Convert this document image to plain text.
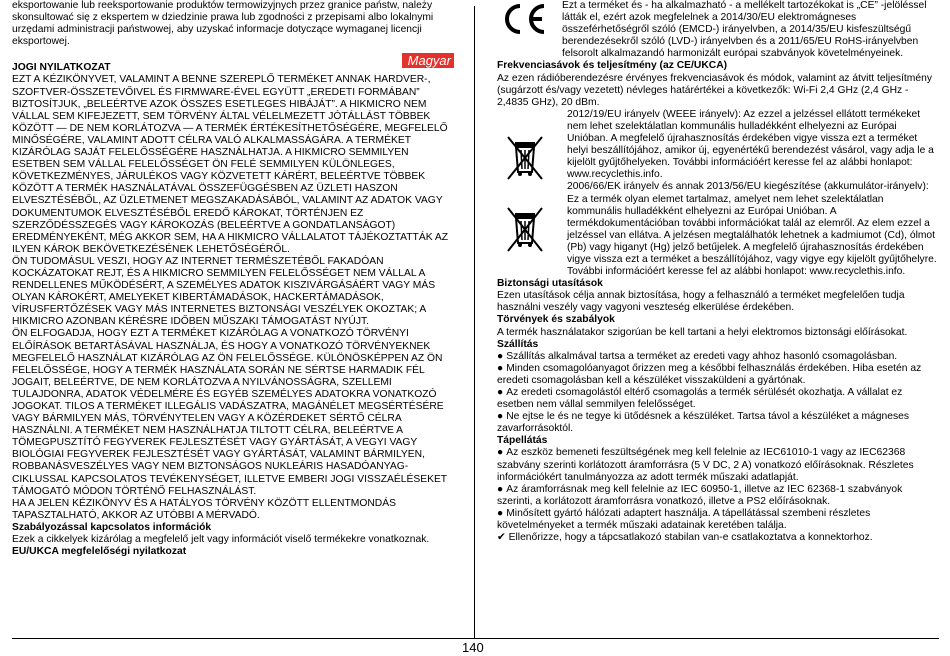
eksportowanie lub reeksportowanie produktów termowizyjnych przez granice państw, należy skonsultować się z ekspertem w dziedzinie prawa lub zgodności z przepisami albo lokalnymi urzędami administracji państwowej, aby uzyskać informacje dotyczące wymaganej licencji eksportowej.

JOGI NYILATKOZAT

EZT A KÉZIKÖNYVET, VALAMINT A BENNE SZEREPLŐ TERMÉKET ANNAK HARDVER-, SZOFTVER-ÖSSZETEVŐIVEL ÉS FIRMWARE-ÉVEL EGYÜTT „EREDETI FORMÁBAN” BIZTOSÍTJUK, „BELEÉRTVE AZOK ÖSSZES ESETLEGES HIBÁJÁT”. A HIKMICRO NEM VÁLLAL SEM KIFEJEZETT, SEM TÖRVÉNY ÁLTAL VÉLELMEZETT JÓTÁLLÁST TÖBBEK KÖZÖTT — DE NEM KORLÁTOZVA — A TERMÉK ÉRTÉKESÍTHETŐSÉGÉRE, MEGFELELŐ MINŐSÉGÉRE, VALAMINT ADOTT CÉLRA VALÓ ALKALMASSÁGÁRA. A TERMÉKET KIZÁRÓLAG SAJÁT FELELŐSSÉGÉRE HASZNÁLHATJA. A HIKMICRO SEMMILYEN ESETBEN SEM VÁLLAL FELELŐSSÉGET ÖN FELÉ SEMMILYEN KÜLÖNLEGES, KÖVETKEZMÉNYES, JÁRULÉKOS VAGY KÖZVETETT KÁRÉRT, BELEÉRTVE TÖBBEK KÖZÖTT A TERMÉK HASZNÁLATÁVAL ÖSSZEFÜGGÉSBEN AZ ÜZLETI HASZON ELVESZTÉSÉBŐL, AZ ÜZLETMENET MEGSZAKADÁSÁBÓL, VALAMINT AZ ADATOK VAGY DOKUMENTUMOK ELVESZTÉSÉBŐL EREDŐ KÁROKAT, TÖRTÉNJEN EZ SZERZŐDÉSSZEGÉS VAGY KÁROKOZÁS (BELEÉRTVE A GONDATLANSÁGOT) EREDMÉNYEKÉNT, MÉG AKKOR SEM, HA A HIKMICRO VÁLLALATOT TÁJÉKOZTATTÁK AZ ILYEN KÁROK BEKÖVETKEZÉSÉNEK LEHETŐSÉGÉRŐL.

ÖN TUDOMÁSUL VESZI, HOGY AZ INTERNET TERMÉSZETÉBŐL FAKADÓAN KOCKÁZATOKAT REJT, ÉS A HIKMICRO SEMMILYEN FELELŐSSÉGET NEM VÁLLAL A RENDELLENES MŰKÖDÉSÉRT, A SZEMÉLYES ADATOK KISZIVÁRGÁSÁÉRT VAGY MÁS OLYAN KÁROKÉRT, AMELYEKET KIBERTÁMADÁSOK, HACKERTÁMADÁSOK, VÍRUSFERTŐZÉSEK VAGY MÁS INTERNETES BIZTONSÁGI VESZÉLYEK OKOZTAK; A HIKMICRO AZONBAN KÉRÉSRE IDŐBEN MŰSZAKI TÁMOGATÁST NYÚJT.

ÖN ELFOGADJA, HOGY EZT A TERMÉKET KIZÁRÓLAG A VONATKOZÓ TÖRVÉNYI ELŐÍRÁSOK BETARTÁSÁVAL HASZNÁLJA, ÉS HOGY A VONATKOZÓ TÖRVÉNYEKNEK MEGFELELŐ HASZNÁLAT KIZÁRÓLAG AZ ÖN FELELŐSSÉGE. KÜLÖNÖSKÉPPEN AZ ÖN FELELŐSSÉGE, HOGY A TERMÉK HASZNÁLATA SORÁN NE SÉRTSE HARMADIK FÉL JOGAIT, BELEÉRTVE, DE NEM KORLÁTOZVA A NYILVÁNOSSÁGRA, SZELLEMI TULAJDONRA, ADATOK VÉDELMÉRE ÉS EGYÉB SZEMÉLYES ADATOKRA VONATKOZÓ JOGOKAT. TILOS A TERMÉKET ILLEGÁLIS VADÁSZATRA, MAGÁNÉLET MEGSÉRTÉSÉRE VAGY BÁRMILYEN MÁS, TÖRVÉNYTELEN VAGY A KÖZÉRDEKET SÉRTŐ CÉLRA HASZNÁLNI. A TERMÉKET NEM HASZNÁLHATJA TILTOTT CÉLRA, BELEÉRTVE A TÖMEGPUSZTÍTÓ FEGYVEREK FEJLESZTÉSÉT VAGY GYÁRTÁSÁT, A VEGYI VAGY BIOLÓGIAI FEGYVEREK FEJLESZTÉSÉT VAGY GYÁRTÁSÁT, VALAMINT BÁRMILYEN, ROBBANÁSVESZÉLYES VAGY NEM BIZTONSÁGOS NUKLEÁRIS HASADÓANYAG-CIKLUSSAL KAPCSOLATOS TEVÉKENYSÉGET, ILLETVE EMBERI JOGI VISSZAÉLÉSEKET TÁMOGATÓ MÓDON TÖRTÉNŐ FELHASZNÁLÁST.

HA A JELEN KÉZIKÖNYV ÉS A HATÁLYOS TÖRVÉNY KÖZÖTT ELLENTMONDÁS TAPASZTALHATÓ, AKKOR AZ UTÓBBI A MÉRVADÓ.

Szabályozással kapcsolatos információk

Ezek a cikkelyek kizárólag a megfelelő jelt vagy információt viselő termékekre vonatkoznak.

EU/UKCA megfelelőségi nyilatkozat

Magyar

Ezt a terméket és - ha alkalmazható - a mellékelt tartozékokat is „CE” -jelöléssel látták el, ezért azok megfelelnek a 2014/30/EU elektromágneses összeférhetőségről szóló (EMCD-) irányelvben, a 2014/35/EU kisfeszültségű berendezésekről szóló (LVD-) irányelvben és a 2011/65/EU RoHS-irányelvben felsorolt alkalmazandó harmonizált európai szabványok követelményeinek.

Frekvenciasávok és teljesítmény (az CE/UKCA)

Az ezen rádióberendezésre érvényes frekvenciasávok és módok, valamint az átvitt teljesítmény (sugárzott és/vagy vezetett) névleges határértékei a következők: Wi-Fi 2,4 GHz (2,4 GHz - 2,4835 GHz), 20 dBm.

2012/19/EU irányelv (WEEE irányelv): Az ezzel a jelzéssel ellátott termékeket nem lehet szelektálatlan kommunális hulladékként elhelyezni az Európai Unióban. A megfelelő újrahasznosítás érdekében vigye vissza ezt a terméket helyi beszállítójához, amikor új, egyenértékű berendezést vásárol, vagy adja le a kijelölt gyűjtőhelyeken. További információért keresse fel az alábbi honlapot: www.recyclethis.info.

2006/66/EK irányelv és annak 2013/56/EU kiegészítése (akkumulátor-irányelv): Ez a termék olyan elemet tartalmaz, amelyet nem lehet szelektálatlan kommunális hulladékként elhelyezni az Európai Unióban. A termékdokumentációban további információkat talál az elemről. Az elem ezzel a jelzéssel van ellátva. A jelzésen megtalálhatók lehetnek a kadmiumot (Cd), ólmot (Pb) vagy higanyt (Hg) jelző betűjelek. A megfelelő újrahasznosítás érdekében vigye vissza ezt a terméket a beszállítójához, vagy vigye egy kijelölt gyűjtőhelyre. További információért keresse fel az alábbi honlapot: www.recyclethis.info.

Biztonsági utasítások

Ezen utasítások célja annak biztosítása, hogy a felhasználó a terméket megfelelően tudja használni veszély vagy vagyoni veszteség elkerülése érdekében.

Törvények és szabályok

A termék használatakor szigorúan be kell tartani a helyi elektromos biztonsági előírásokat.

Szállítás

● Szállítás alkalmával tartsa a terméket az eredeti vagy ahhoz hasonló csomagolásban.

● Minden csomagolóanyagot őrizzen meg a későbbi felhasználás érdekében. Hiba esetén az eredeti csomagolásban kell a készüléket visszaküldeni a gyártónak.

● Az eredeti csomagolástól eltérő csomagolás a termék sérülését okozhatja. A vállalat ez esetben nem vállal semmilyen felelősséget.

● Ne ejtse le és ne tegye ki ütődésnek a készüléket. Tartsa távol a készüléket a mágneses zavarforrásoktól.

Tápellátás

● Az eszköz bemeneti feszültségének meg kell felelnie az IEC61010-1 vagy az IEC62368 szabvány szerinti korlátozott áramforrásra (5 V DC, 2 A) vonatkozó előírásoknak. Részletes információkért tanulmányozza az adott termék műszaki adatlapját.

● Az áramforrásnak meg kell felelnie az IEC 60950-1, illetve az IEC 62368-1 szabványok szerinti, a korlátozott áramforrásra vonatkozó, illetve a PS2 előírásoknak.

● Minősített gyártó hálózati adaptert használja. A tápellátással szembeni részletes követelményeket a termék műszaki adatainak keretében találja.

✔ Ellenőrizze, hogy a tápcsatlakozó stabilan van-e csatlakoztatva a konnektorhoz.

140
